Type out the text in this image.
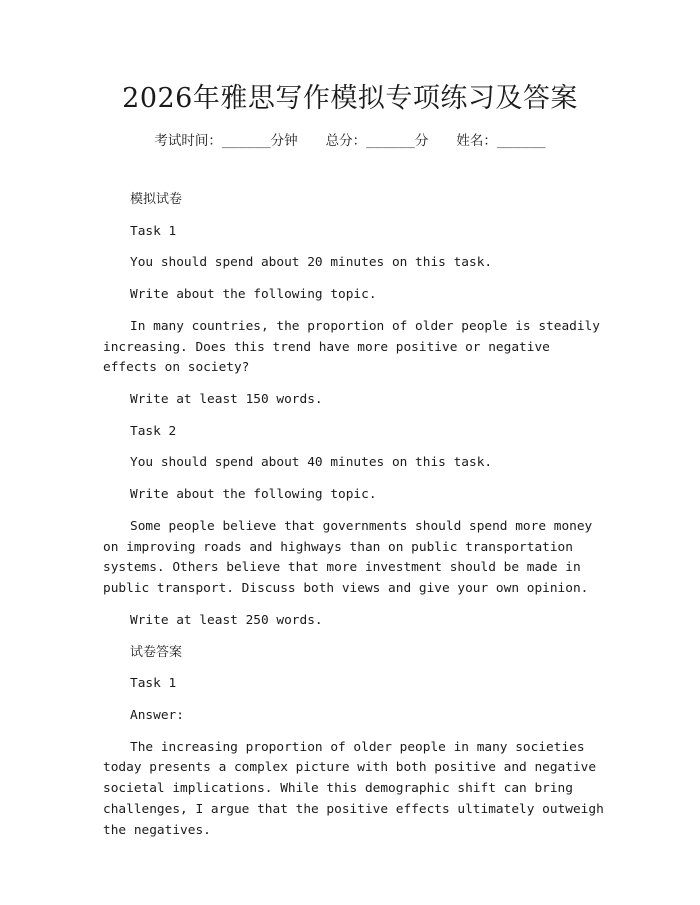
2026年雅思写作模拟专项练习及答案
考试时间：______分钟 总分：______分 姓名：______

模拟试卷

Task 1

You should spend about 20 minutes on this task.

Write about the following topic.

In many countries, the proportion of older people is steadily increasing. Does this trend have more positive or negative effects on society?

Write at least 150 words.

Task 2

You should spend about 40 minutes on this task.

Write about the following topic.

Some people believe that governments should spend more money on improving roads and highways than on public transportation systems. Others believe that more investment should be made in public transport. Discuss both views and give your own opinion.

Write at least 250 words.

试卷答案

Task 1

Answer:

The increasing proportion of older people in many societies today presents a complex picture with both positive and negative societal implications. While this demographic shift can bring challenges, I argue that the positive effects ultimately outweigh the negatives.
